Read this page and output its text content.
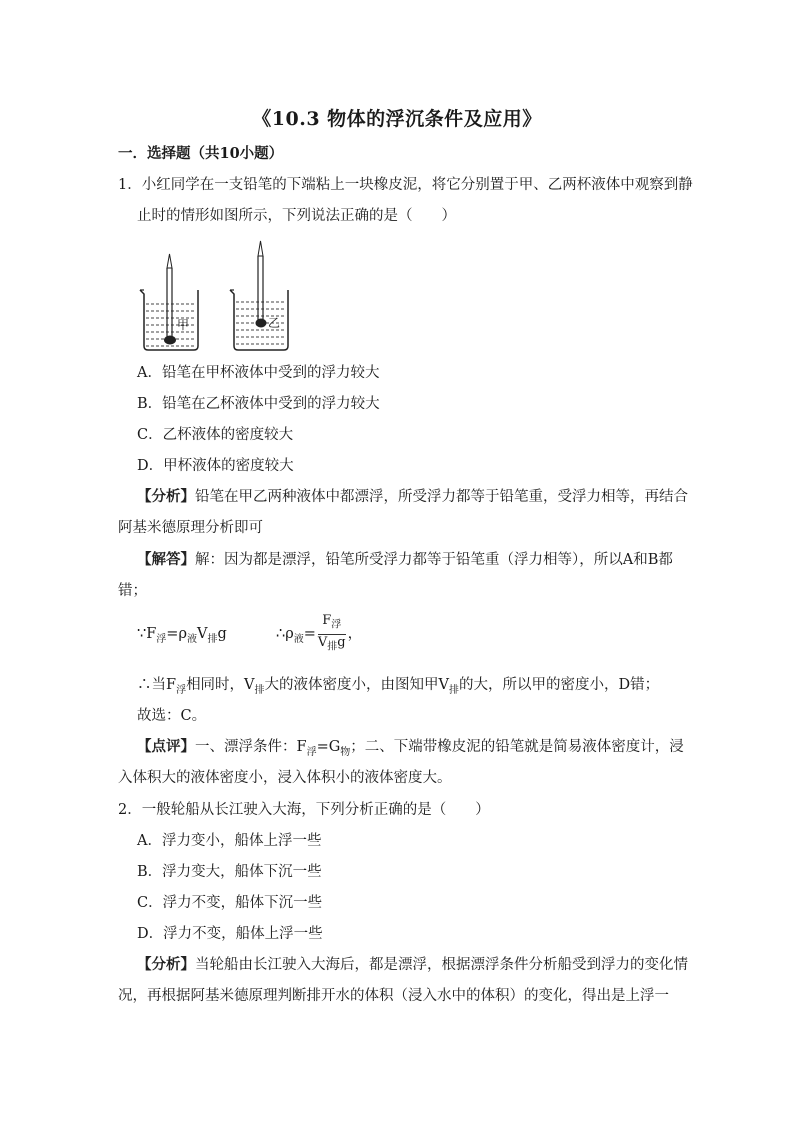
《10.3 物体的浮沉条件及应用》
一．选择题（共10小题）
1．小红同学在一支铅笔的下端粘上一块橡皮泥，将它分别置于甲、乙两杯液体中观察到静
止时的情形如图所示，下列说法正确的是（　　）
甲	乙
A．铅笔在甲杯液体中受到的浮力较大
B．铅笔在乙杯液体中受到的浮力较大
C．乙杯液体的密度较大
D．甲杯液体的密度较大
【分析】铅笔在甲乙两种液体中都漂浮，所受浮力都等于铅笔重，受浮力相等，再结合
阿基米德原理分析即可
【解答】解：因为都是漂浮，铅笔所受浮力都等于铅笔重（浮力相等），所以A和B都
错；
$\because F_浮=\rho_液V_排g$	$\therefore\rho_液= \frac{F_浮}{V_排g}$ ，
∴当$F_浮$相同时，$V_排$大的液体密度小，由图知甲$V_排$的大，所以甲的密度小，D错；
故选：C。
【点评】一、漂浮条件：$F_浮=G_物$；二、下端带橡皮泥的铅笔就是简易液体密度计，浸
入体积大的液体密度小，浸入体积小的液体密度大。
2．一般轮船从长江驶入大海，下列分析正确的是（　　）
A．浮力变小，船体上浮一些
B．浮力变大，船体下沉一些
C．浮力不变，船体下沉一些
D．浮力不变，船体上浮一些
【分析】当轮船由长江驶入大海后，都是漂浮，根据漂浮条件分析船受到浮力的变化情
况，再根据阿基米德原理判断排开水的体积（浸入水中的体积）的变化，得出是上浮一
